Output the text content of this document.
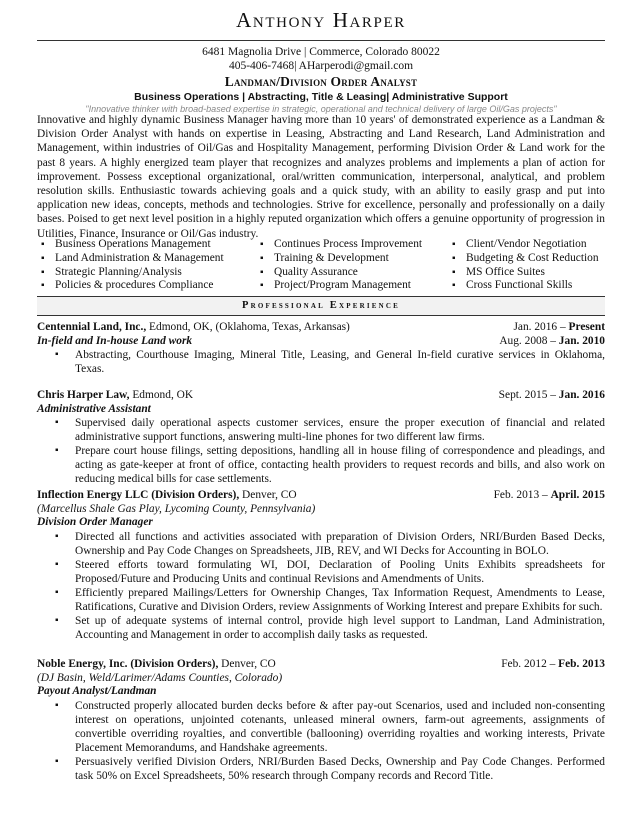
Anthony Harper
6481 Magnolia Drive | Commerce, Colorado 80022
405-406-7468| AHarperodi@gmail.com
Landman/Division Order Analyst
Business Operations | Abstracting, Title & Leasing| Administrative Support
"Innovative thinker with broad-based expertise in strategic, operational and technical delivery of large Oil/Gas projects"

Innovative and highly dynamic Business Manager having more than 10 years' of demonstrated experience as a Landman & Division Order Analyst with hands on expertise in Leasing, Abstracting and Land Research, Land Administration and Management, within industries of Oil/Gas and Hospitality Management, performing Division Order & Land work for the past 8 years. A highly energized team player that recognizes and analyzes problems and implements a plan of action for improvement. Possess exceptional organizational, oral/written communication, interpersonal, analytical, and problem resolution skills. Enthusiastic towards achieving goals and a quick study, with an ability to easily grasp and put into application new ideas, concepts, methods and technologies. Strive for excellence, personally and professionally on a daily bases. Poised to get next level position in a highly reputed organization which offers a genuine opportunity of progression in Utilities, Finance, Insurance or Oil/Gas industry.

▪ Business Operations Management
▪ Land Administration & Management
▪ Strategic Planning/Analysis
▪ Policies & procedures Compliance
▪ Continues Process Improvement
▪ Training & Development
▪ Quality Assurance
▪ Project/Program Management
▪ Client/Vendor Negotiation
▪ Budgeting & Cost Reduction
▪ MS Office Suites
▪ Cross Functional Skills
Professional Experience
Centennial Land, Inc., Edmond, OK, (Oklahoma, Texas, Arkansas)	Jan. 2016 – Present
In-field and In-house Land work	Aug. 2008 – Jan. 2010
▪ Abstracting, Courthouse Imaging, Mineral Title, Leasing, and General In-field curative services in Oklahoma, Texas.
Chris Harper Law, Edmond, OK	Sept. 2015 – Jan. 2016
Administrative Assistant
▪ Supervised daily operational aspects customer services, ensure the proper execution of financial and related administrative support functions, answering multi-line phones for two different law firms.
▪ Prepare court house filings, setting depositions, handling all in house filing of correspondence and pleadings, and acting as gate-keeper at front of office, contacting health providers to request records and bills, and also work on reducing medical bills for case settlements.
Inflection Energy LLC (Division Orders), Denver, CO	Feb. 2013 – April. 2015
(Marcellus Shale Gas Play, Lycoming County, Pennsylvania)
Division Order Manager
▪ Directed all functions and activities associated with preparation of Division Orders, NRI/Burden Based Decks, Ownership and Pay Code Changes on Spreadsheets, JIB, REV, and WI Decks for Accounting in BOLO.
▪ Steered efforts toward formulating WI, DOI, Declaration of Pooling Units Exhibits spreadsheets for Proposed/Future and Producing Units and continual Revisions and Amendments of Units.
▪ Efficiently prepared Mailings/Letters for Ownership Changes, Tax Information Request, Amendments to Lease, Ratifications, Curative and Division Orders, review Assignments of Working Interest and prepare Exhibits for such.
▪ Set up of adequate systems of internal control, provide high level support to Landman, Land Administration, Accounting and Management in order to accomplish daily tasks as requested.
Noble Energy, Inc. (Division Orders), Denver, CO	Feb. 2012 – Feb. 2013
(DJ Basin, Weld/Larimer/Adams Counties, Colorado)
Payout Analyst/Landman
▪ Constructed properly allocated burden decks before & after pay-out Scenarios, used and included non-consenting interest on operations, unjointed cotenants, unleased mineral owners, farm-out agreements, assignments of convertible overriding royalties, and convertible (ballooning) overriding royalties and working interests, Private Placement Memorandums, and Handshake agreements.
▪ Persuasively verified Division Orders, NRI/Burden Based Decks, Ownership and Pay Code Changes. Performed task 50% on Excel Spreadsheets, 50% research through Company records and Record Title.
